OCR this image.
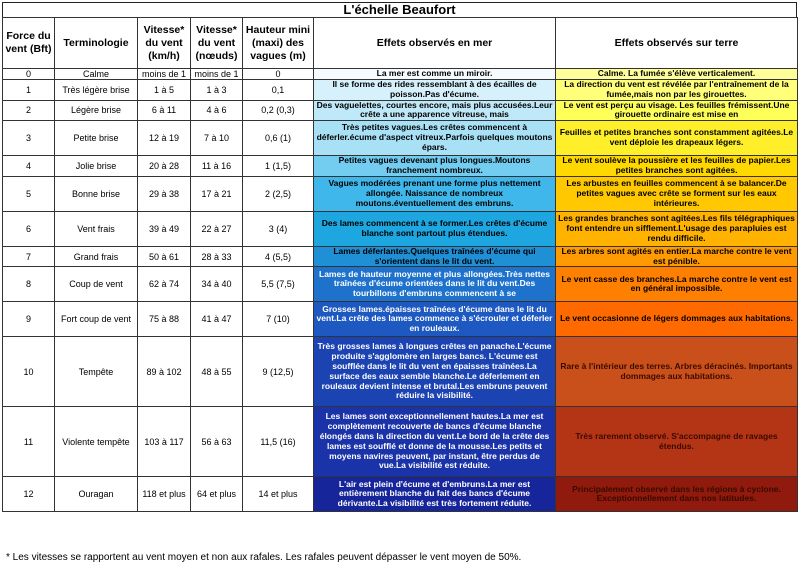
L'échelle Beaufort
Force du vent (Bft)	Terminologie	Vitesse* du vent (km/h)	Vitesse* du vent (nœuds)	Hauteur mini (maxi) des vagues (m)	Effets observés en mer	Effets observés sur terre
0	Calme	moins de 1	moins de 1	0	La mer est comme un miroir.	Calme. La fumée s'élève verticalement.
1	Très légère brise	1 à 5	1 à 3	0,1	Il se forme des rides ressemblant à des écailles de poisson.Pas d'écume.	La direction du vent est révélée par l'entraînement de la fumée,mais non par les girouettes.
2	Légère brise	6 à 11	4 à 6	0,2 (0,3)	Des vaguelettes, courtes encore, mais plus accusées.Leur crête a une apparence vitreuse, mais	Le vent est perçu au visage. Les feuilles frémissent.Une girouette ordinaire est mise en
3	Petite brise	12 à 19	7 à 10	0,6 (1)	Très petites vagues.Les crêtes commencent à déferler.écume d'aspect vitreux.Parfois quelques moutons épars.	Feuilles et petites branches sont constamment agitées.Le vent déploie les drapeaux légers.
4	Jolie brise	20 à 28	11 à 16	1 (1,5)	Petites vagues devenant plus longues.Moutons franchement nombreux.	Le vent soulève la poussière et les feuilles de papier.Les petites branches sont agitées.
5	Bonne brise	29 à 38	17 à 21	2 (2,5)	Vagues modérées prenant une forme plus nettement allongée. Naissance de nombreux moutons.éventuellement des embruns.	Les arbustes en feuilles commencent à se balancer.De petites vagues avec crête se forment sur les eaux intérieures.
6	Vent frais	39 à 49	22 à 27	3 (4)	Des lames commencent à se former.Les crêtes d'écume blanche sont partout plus étendues.	Les grandes branches sont agitées.Les fils télégraphiques font entendre un sifflement.L'usage des parapluies est rendu difficile.
7	Grand frais	50 à 61	28 à 33	4 (5,5)	Lames déferlantes.Quelques traînées d'écume qui s'orientent dans le lit du vent.	Les arbres sont agités en entier.La marche contre le vent est pénible.
8	Coup de vent	62 à 74	34 à 40	5,5 (7,5)	Lames de hauteur moyenne et plus allongées.Très nettes traînées d'écume orientées dans le lit du vent.Des tourbillons d'embruns commencent à se	Le vent casse des branches.La marche contre le vent est en général impossible.
9	Fort coup de vent	75 à 88	41 à 47	7 (10)	Grosses lames.épaisses traînées d'écume dans le lit du vent.La crête des lames commence à s'écrouler et déferler en rouleaux.	Le vent occasionne de légers dommages aux habitations.
10	Tempête	89 à 102	48 à 55	9 (12,5)	Très grosses lames à longues crêtes en panache.L'écume produite s'agglomère en larges bancs. L'écume est soufflée dans le lit du vent en épaisses traînées.La surface des eaux semble blanche.Le déferlement en rouleaux devient intense et brutal.Les embruns peuvent réduire la visibilité.	Rare à l'intérieur des terres. Arbres déracinés. Importants dommages aux habitations.
11	Violente tempête	103 à 117	56 à 63	11,5 (16)	Les lames sont exceptionnellement hautes.La mer est complètement recouverte de bancs d'écume blanche élongés dans la direction du vent.Le bord de la crête des lames est soufflé et donne de la mousse.Les petits et moyens navires peuvent, par instant, être perdus de vue.La visibilité est réduite.	Très rarement observé. S'accompagne de ravages étendus.
12	Ouragan	118 et plus	64 et plus	14 et plus	L'air est plein d'écume et d'embruns.La mer est entièrement blanche du fait des bancs d'écume dérivante.La visibilité est très fortement réduite.	Principalement observé dans les régions à cyclone. Exceptionnellement dans nos latitudes.
* Les vitesses se rapportent au vent moyen et non aux rafales. Les rafales peuvent dépasser le vent moyen de 50%.
